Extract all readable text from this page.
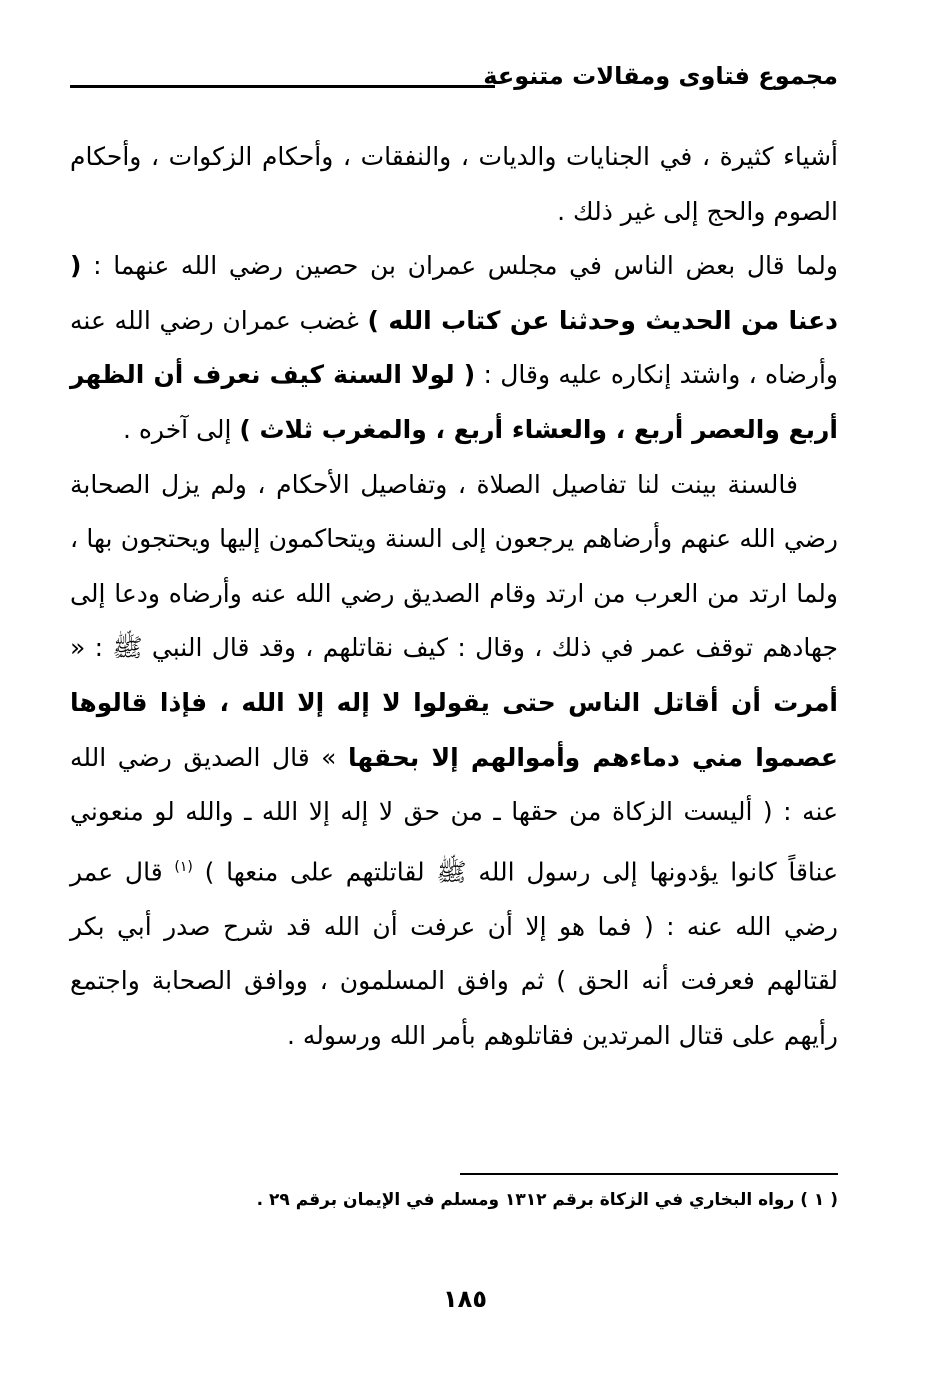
مجموع فتاوى ومقالات متنوعة

أشياء كثيرة ، في الجنايات والديات ، والنفقات ، وأحكام الزكوات ، وأحكام الصوم والحج إلى غير ذلك .

ولما قال بعض الناس في مجلس عمران بن حصين رضي الله عنهما : ( دعنا من الحديث وحدثنا عن كتاب الله ) غضب عمران رضي الله عنه وأرضاه ، واشتد إنكاره عليه وقال : ( لولا السنة كيف نعرف أن الظهر أربع والعصر أربع ، والعشاء أربع ، والمغرب ثلاث ) إلى آخره .

فالسنة بينت لنا تفاصيل الصلاة ، وتفاصيل الأحكام ، ولم يزل الصحابة رضي الله عنهم وأرضاهم يرجعون إلى السنة ويتحاكمون إليها ويحتجون بها ، ولما ارتد من العرب من ارتد وقام الصديق رضي الله عنه وأرضاه ودعا إلى جهادهم توقف عمر في ذلك ، وقال : كيف نقاتلهم ، وقد قال النبي ﷺ : « أمرت أن أقاتل الناس حتى يقولوا لا إله إلا الله ، فإذا قالوها عصموا مني دماءهم وأموالهم إلا بحقها » قال الصديق رضي الله عنه : ( أليست الزكاة من حقها ـ من حق لا إله إلا الله ـ والله لو منعوني عناقاً كانوا يؤدونها إلى رسول الله ﷺ لقاتلتهم على منعها ) $^{(١)}$ قال عمر رضي الله عنه : ( فما هو إلا أن عرفت أن الله قد شرح صدر أبي بكر لقتالهم فعرفت أنه الحق ) ثم وافق المسلمون ، ووافق الصحابة واجتمع رأيهم على قتال المرتدين فقاتلوهم بأمر الله ورسوله .

( ١ ) رواه البخاري في الزكاة برقم ١٣١٢ ومسلم في الإيمان برقم ٢٩ .
١٨٥
